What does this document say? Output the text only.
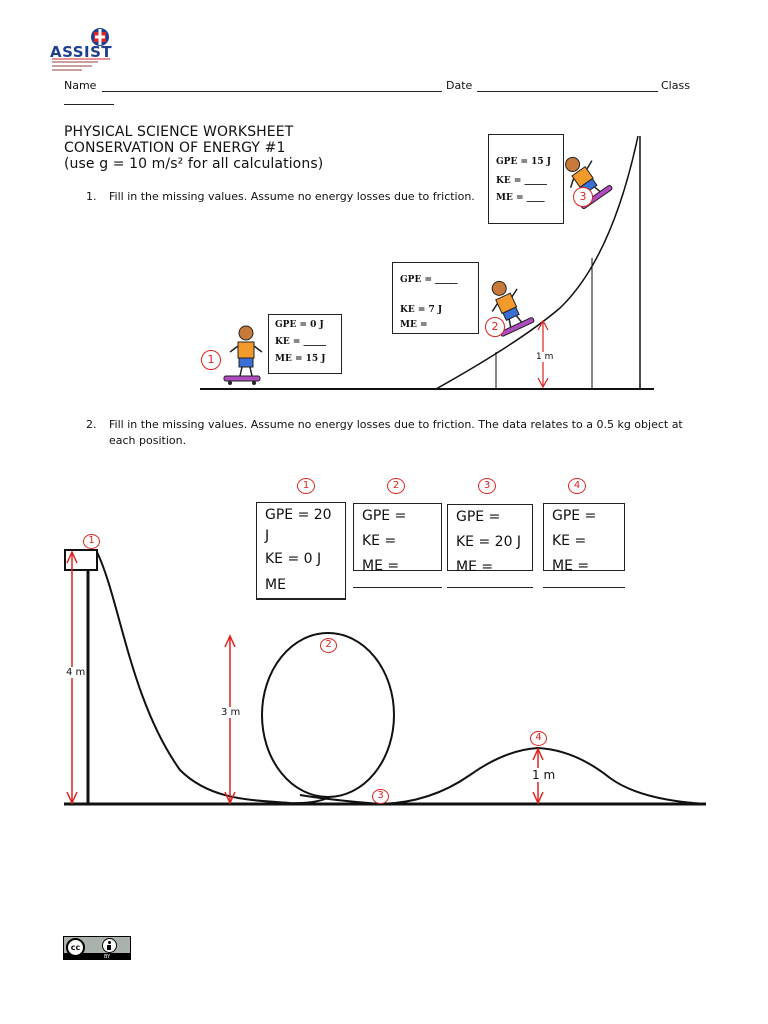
ASSIST
Name	Date	Class
PHYSICAL SCIENCE WORKSHEET
CONSERVATION OF ENERGY #1
(use g = 10 m/s² for all calculations)
1. Fill in the missing values. Assume no energy losses due to friction.
1 m
1
2
3
GPE = 0 J
KE = _____
ME = 15 J
GPE = _____
KE = 7 J
ME =
GPE = 15 J
KE = _____
ME = ____
2. Fill in the missing values. Assume no energy losses due to friction. The data relates to a 0.5 kg object at
each position.
1	2	3	4
GPE = 20
J
KE = 0 J
ME
GPE =
KE =
ME =
GPE =
KE = 20 J
ME =
GPE =
KE =
ME =
4 m
3 m
1 m
1
2
3
4
cc
BY
